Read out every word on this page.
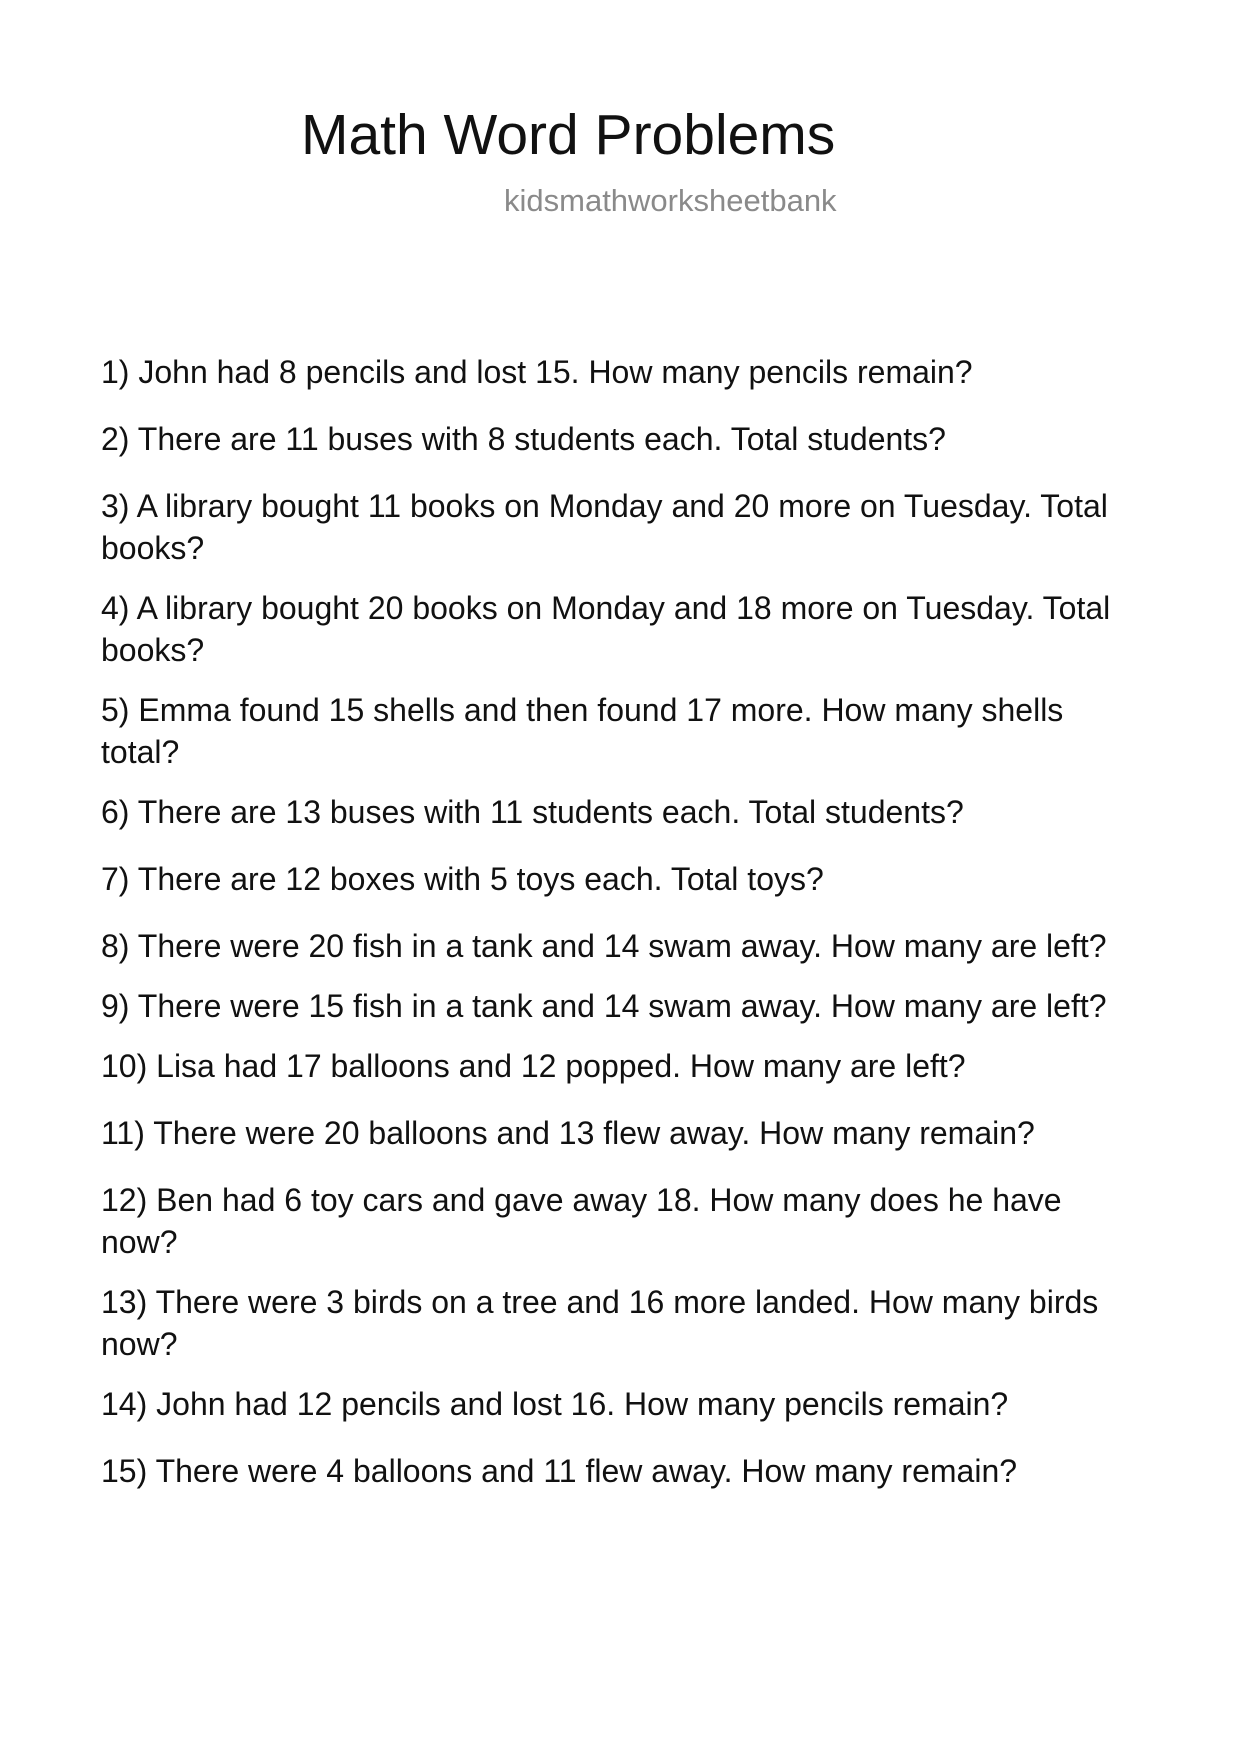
Math Word Problems
kidsmathworksheetbank
1) John had 8 pencils and lost 15. How many pencils remain?
2) There are 11 buses with 8 students each. Total students?
3) A library bought 11 books on Monday and 20 more on Tuesday. Total books?
4) A library bought 20 books on Monday and 18 more on Tuesday. Total books?
5) Emma found 15 shells and then found 17 more. How many shells total?
6) There are 13 buses with 11 students each. Total students?
7) There are 12 boxes with 5 toys each. Total toys?
8) There were 20 fish in a tank and 14 swam away. How many are left?
9) There were 15 fish in a tank and 14 swam away. How many are left?
10) Lisa had 17 balloons and 12 popped. How many are left?
11) There were 20 balloons and 13 flew away. How many remain?
12) Ben had 6 toy cars and gave away 18. How many does he have now?
13) There were 3 birds on a tree and 16 more landed. How many birds now?
14) John had 12 pencils and lost 16. How many pencils remain?
15) There were 4 balloons and 11 flew away. How many remain?
